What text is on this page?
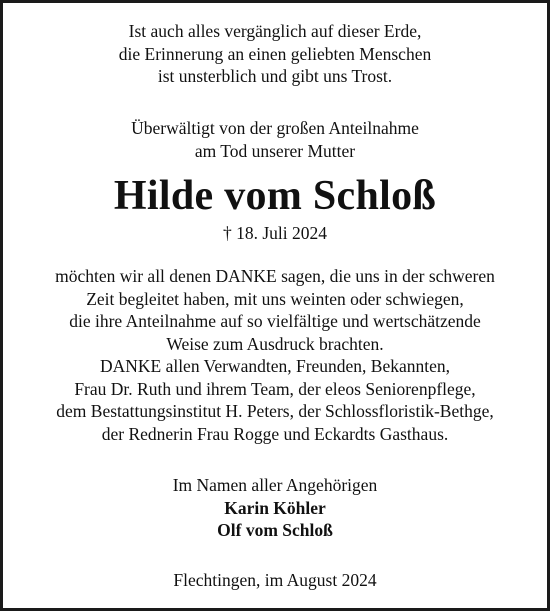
Ist auch alles vergänglich auf dieser Erde,
die Erinnerung an einen geliebten Menschen
ist unsterblich und gibt uns Trost.
Überwältigt von der großen Anteilnahme
am Tod unserer Mutter
Hilde vom Schloß
† 18. Juli 2024
möchten wir all denen DANKE sagen, die uns in der schweren
Zeit begleitet haben, mit uns weinten oder schwiegen,
die ihre Anteilnahme auf so vielfältige und wertschätzende
Weise zum Ausdruck brachten.
DANKE allen Verwandten, Freunden, Bekannten,
Frau Dr. Ruth und ihrem Team, der eleos Seniorenpflege,
dem Bestattungsinstitut H. Peters, der Schlossfloristik-Bethge,
der Rednerin Frau Rogge und Eckardts Gasthaus.
Im Namen aller Angehörigen
Karin Köhler
Olf vom Schloß
Flechtingen, im August 2024
